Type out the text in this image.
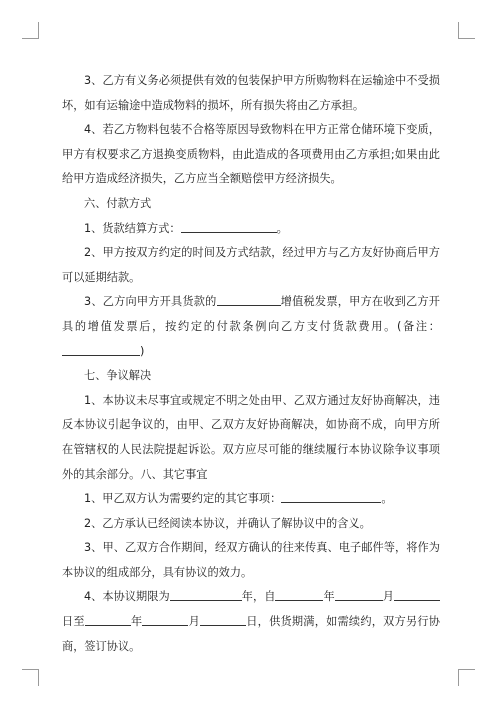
3、乙方有义务必须提供有效的包装保护甲方所购物料在运输途中不受损坏，如有运输途中造成物料的损坏，所有损失将由乙方承担。

4、若乙方物料包装不合格等原因导致物料在甲方正常仓储环境下变质，甲方有权要求乙方退换变质物料，由此造成的各项费用由乙方承担;如果由此给甲方造成经济损失，乙方应当全额赔偿甲方经济损失。

六、付款方式

1、货款结算方式：	。

2、甲方按双方约定的时间及方式结款，经过甲方与乙方友好协商后甲方可以延期结款。

3、乙方向甲方开具货款的	增值税发票，甲方在收到乙方开具的增值发票后，按约定的付款条例向乙方支付货款费用。(备注：)

七、争议解决

1、本协议未尽事宜或规定不明之处由甲、乙双方通过友好协商解决，违反本协议引起争议的，由甲、乙双方友好协商解决，如协商不成，向甲方所在管辖权的人民法院提起诉讼。双方应尽可能的继续履行本协议除争议事项外的其余部分。八、其它事宜

1、甲乙双方认为需要约定的其它事项：	。

2、乙方承认已经阅读本协议，并确认了解协议中的含义。

3、甲、乙双方合作期间，经双方确认的往来传真、电子邮件等，将作为本协议的组成部分，具有协议的效力。

4、本协议期限为	年，自	年	月日至	年	月	日，供货期满，如需续约，双方另行协商，签订协议。
